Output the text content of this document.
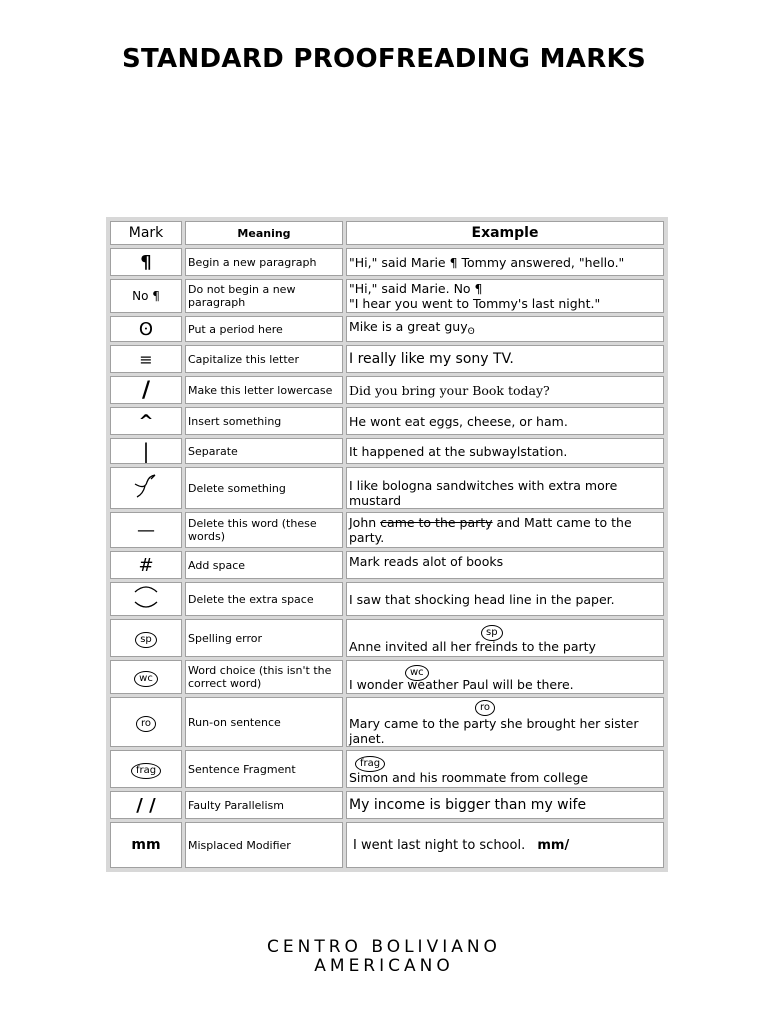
STANDARD PROOFREADING MARKS
Mark	Meaning	Example
¶	Begin a new paragraph	"Hi," said Marie ¶ Tommy answered, "hello."
No ¶	Do not begin a new paragraph	"Hi," said Marie. No ¶
"I hear you went to Tommy's last night."

ʘ	Put a period here	Mike is a great guy$_ʘ$
≡	Capitalize this letter	I really like my sony TV.
/	Make this letter lowercase	Did you bring your Book today?
^	Insert something	He wont eat eggs, cheese, or ham.
|	Separate	It happened at the subwaylstation.
	Delete something	I like bologna sandwitches with extra more mustard
—	Delete this word (these words)	John came to the party and Matt came to the party.
#	Add space	Mark reads alot of books
	Delete the extra space	I saw that shocking head line in the paper.
sp	Spelling error	sp
Anne invited all her freinds to the party

wc	Word choice (this isn't the correct word)	wc
I wonder weather Paul will be there.

ro	Run-on sentence	ro
Mary came to the party she brought her sister janet.

frag	Sentence Fragment	frag
Simon and his roommate from college

/ /	Faulty Parallelism	My income is bigger than my wife
mm	Misplaced Modifier	I went last night to school. mm/
CENTRO BOLIVIANO
AMERICANO
